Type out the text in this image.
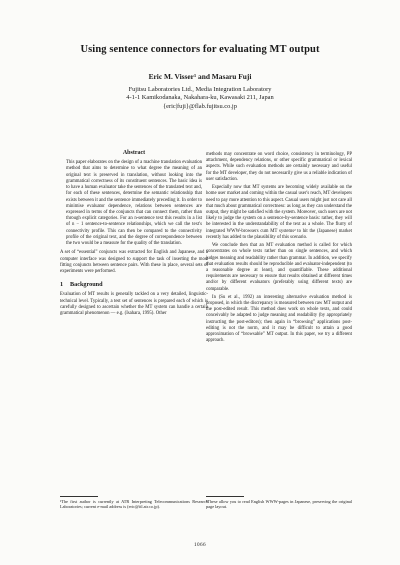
Using sentence connectors for evaluating MT output
Eric M. Visser¹ and Masaru Fuji
Fujitsu Laboratories Ltd., Media Integration Laboratory
4-1-1 Kamikodanaka, Nakahara-ku, Kawasaki 211, Japan
{eric|fuji}@flab.fujitsu.co.jp
Abstract

This paper elaborates on the design of a machine translation evaluation method that aims to determine to what degree the meaning of an original text is preserved in translation, without looking into the grammatical correctness of its constituent sentences. The basic idea is to have a human evaluator take the sentences of the translated text and, for each of these sentences, determine the semantic relationship that exists between it and the sentence immediately preceding it. In order to minimise evaluator dependence, relations between sentences are expressed in terms of the conjuncts that can connect them, rather than through explicit categories. For an n-sentence text this results in a list of n − 1 sentence-to-sentence relationships, which we call the text's connectivity profile. This can then be compared to the connectivity profile of the original text, and the degree of correspondence between the two would be a measure for the quality of the translation.

A set of “essential” conjuncts was extracted for English and Japanese, and a computer interface was designed to support the task of inserting the most fitting conjuncts between sentence pairs. With these in place, several sets of experiments were performed.

1 Background

Evaluation of MT results is generally tackled on a very detailed, linguistic-technical level. Typically, a test set of sentences is prepared each of which is carefully designed to ascertain whether the MT system can handle a certain grammatical phenomenon — e.g. (Isahara, 1995). Other

methods may concentrate on word choice, consistency in terminology, PP attachment, dependency relations, or other specific grammatical or lexical aspects. While such evaluation methods are certainly necessary and useful for the MT developer, they do not necessarily give us a reliable indication of user satisfaction.

Especially now that MT systems are becoming widely available on the home user market and coming within the casual user's reach, MT developers need to pay more attention to this aspect. Casual users might just not care all that much about grammatical correctness: as long as they can understand the output, they might be satisfied with the system. Moreover, such users are not likely to judge the system on a sentence-by-sentence basis: rather, they will be interested in the understandability of the text as a whole. The flurry of integrated WWW-browsers cum MT systems² to hit the (Japanese) market recently has added to the plausibility of this scenario.

We conclude then that an MT evaluation method is called for which concentrates on whole texts rather than on single sentences, and which judges meaning and readability rather than grammar. In addition, we specify that evaluation results should be reproducible and evaluator-independent (to a reasonable degree at least), and quantifiable. These additional requirements are necessary to ensure that results obtained at different times and/or by different evaluators (preferably using different texts) are comparable.

In (Su et al., 1992) an interesting alternative evaluation method is proposed, in which the discrepancy is measured between raw MT output and the post-edited result. This method does work on whole texts, and could conceivably be adapted to judge meaning and readability (by appropriately instructing the post-editors); then again in “browsing” applications post-editing is not the norm, and it may be difficult to attain a good approximation of “browsable” MT output. In this paper, we try a different approach.

¹The first author is currently at ATR Interpreting Telecommunications Research Laboratories; current e-mail address is (eric@itl.atr.co.jp).
²These allow you to read English WWW-pages in Japanese, preserving the original page layout.
1066
